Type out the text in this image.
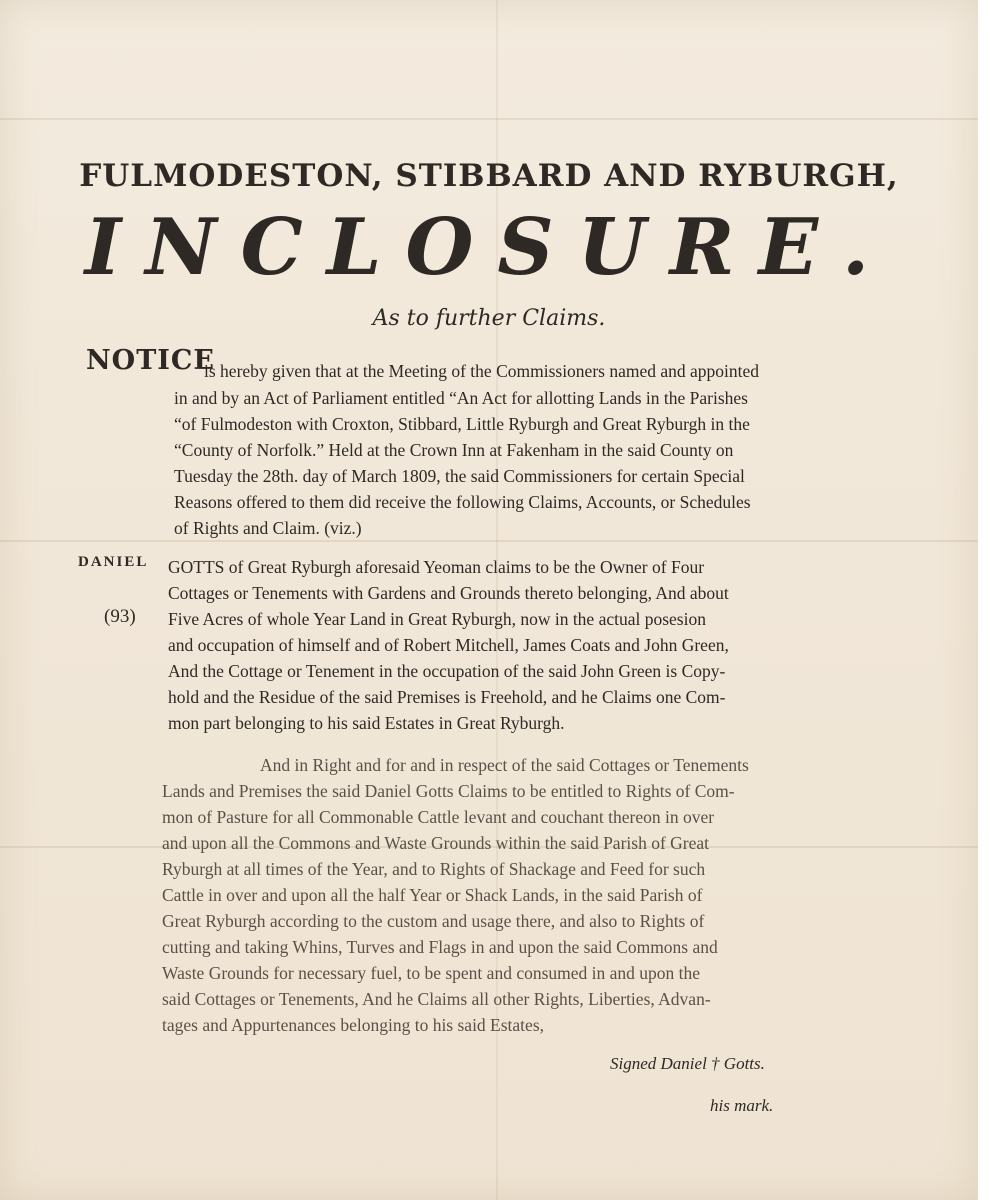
FULMODESTON, STIBBARD AND RYBURGH,
INCLOSURE.
As to further Claims.
NOTICE
is hereby given that at the Meeting of the Commissioners named and appointed
in and by an Act of Parliament entitled “An Act for allotting Lands in the Parishes
“of Fulmodeston with Croxton, Stibbard, Little Ryburgh and Great Ryburgh in the
“County of Norfolk.” Held at the Crown Inn at Fakenham in the said County on
Tuesday the 28th. day of March 1809, the said Commissioners for certain Special
Reasons offered to them did receive the following Claims, Accounts, or Schedules
of Rights and Claim. (viz.)
DANIEL
(93)
GOTTS of Great Ryburgh aforesaid Yeoman claims to be the Owner of Four
Cottages or Tenements with Gardens and Grounds thereto belonging, And about
Five Acres of whole Year Land in Great Ryburgh, now in the actual posesion
and occupation of himself and of Robert Mitchell, James Coats and John Green,
And the Cottage or Tenement in the occupation of the said John Green is Copy-
hold and the Residue of the said Premises is Freehold, and he Claims one Com-
mon part belonging to his said Estates in Great Ryburgh.
And in Right and for and in respect of the said Cottages or Tenements
Lands and Premises the said Daniel Gotts Claims to be entitled to Rights of Com-
mon of Pasture for all Commonable Cattle levant and couchant thereon in over
and upon all the Commons and Waste Grounds within the said Parish of Great
Ryburgh at all times of the Year, and to Rights of Shackage and Feed for such
Cattle in over and upon all the half Year or Shack Lands, in the said Parish of
Great Ryburgh according to the custom and usage there, and also to Rights of
cutting and taking Whins, Turves and Flags in and upon the said Commons and
Waste Grounds for necessary fuel, to be spent and consumed in and upon the
said Cottages or Tenements, And he Claims all other Rights, Liberties, Advan-
tages and Appurtenances belonging to his said Estates,
Signed Daniel † Gotts.
his mark.
